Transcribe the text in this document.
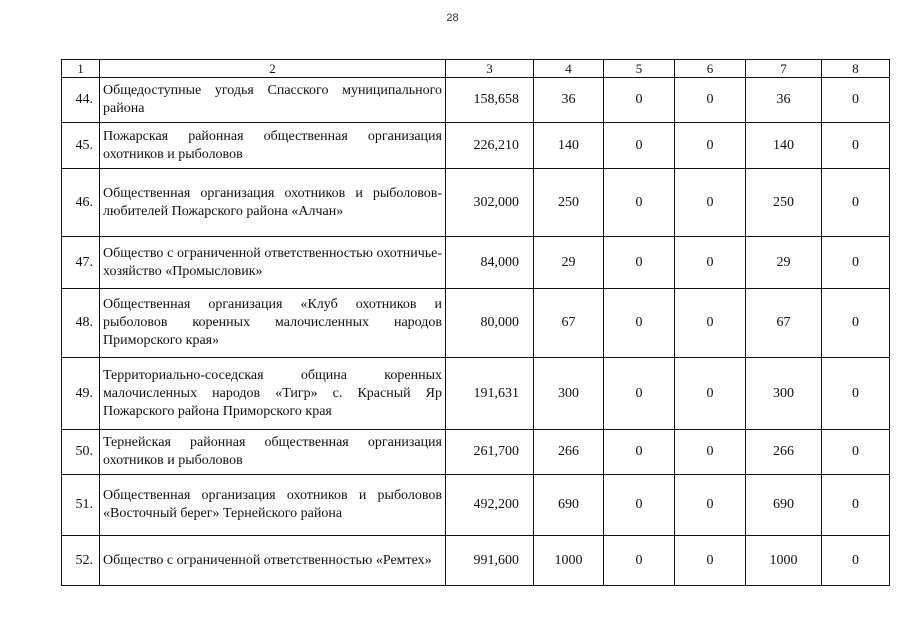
28
1	2	3	4	5	6	7	8
44.	Общедоступные угодья Спасского муниципального района	158,658	36	0	0	36	0
45.	Пожарская районная общественная организация охотников и рыболовов	226,210	140	0	0	140	0
46.	Общественная организация охотников и рыболовов-любителей Пожарского района «Алчан»	302,000	250	0	0	250	0
47.	Общество с ограниченной ответственностью охотничье-хозяйство «Промысловик»	84,000	29	0	0	29	0
48.	Общественная организация «Клуб охотников и рыболовов коренных малочисленных народов Приморского края»	80,000	67	0	0	67	0
49.	Территориально-соседская община коренных малочисленных народов «Тигр» с. Красный Яр Пожарского района Приморского края	191,631	300	0	0	300	0
50.	Тернейская районная общественная организация охотников и рыболовов	261,700	266	0	0	266	0
51.	Общественная организация охотников и рыболовов «Восточный берег» Тернейского района	492,200	690	0	0	690	0
52.	Общество с ограниченной ответственностью «Ремтех»	991,600	1000	0	0	1000	0
